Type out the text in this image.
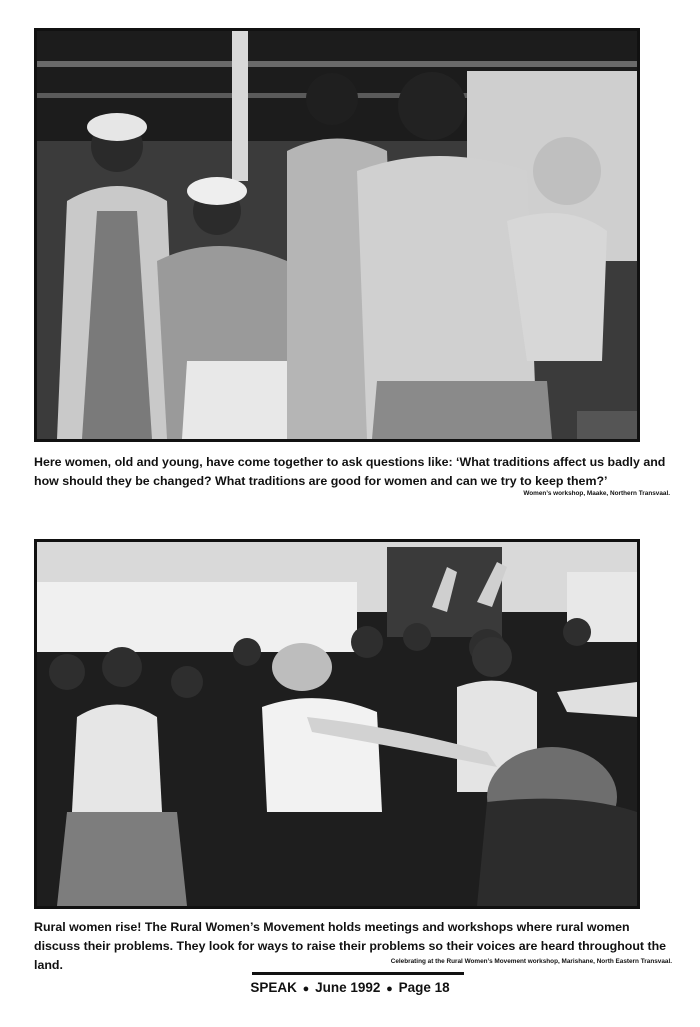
Here women, old and young, have come together to ask questions like: ‘What traditions affect us badly and how should they be changed? What traditions are good for women and can we try to keep them?’

Women’s workshop, Maake, Northern Transvaal.

Rural women rise! The Rural Women’s Movement holds meetings and workshops where rural women discuss their problems. They look for ways to raise their problems so their voices are heard throughout the land.	Celebrating at the Rural Women’s Movement workshop, Marishane, North Eastern Transvaal.
SPEAK ● June 1992 ● Page 18
